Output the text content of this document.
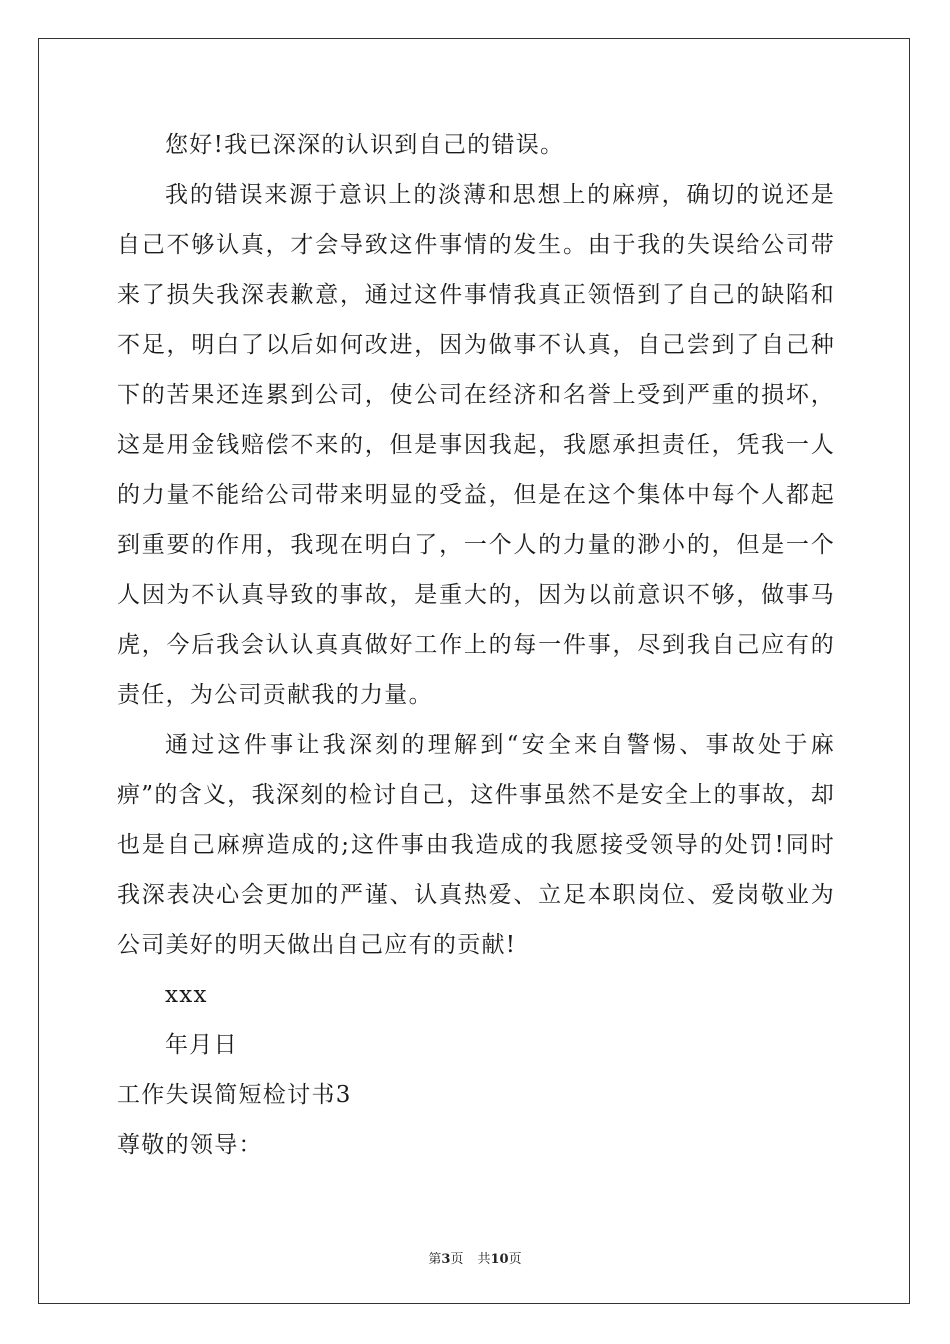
您好!我已深深的认识到自己的错误。

我的错误来源于意识上的淡薄和思想上的麻痹，确切的说还是自己不够认真，才会导致这件事情的发生。由于我的失误给公司带来了损失我深表歉意，通过这件事情我真正领悟到了自己的缺陷和不足，明白了以后如何改进，因为做事不认真，自己尝到了自己种下的苦果还连累到公司，使公司在经济和名誉上受到严重的损坏，这是用金钱赔偿不来的，但是事因我起，我愿承担责任，凭我一人的力量不能给公司带来明显的受益，但是在这个集体中每个人都起到重要的作用，我现在明白了，一个人的力量的渺小的，但是一个人因为不认真导致的事故，是重大的，因为以前意识不够，做事马虎，今后我会认认真真做好工作上的每一件事，尽到我自己应有的责任，为公司贡献我的力量。

通过这件事让我深刻的理解到“安全来自警惕、事故处于麻痹”的含义，我深刻的检讨自己，这件事虽然不是安全上的事故，却也是自己麻痹造成的;这件事由我造成的我愿接受领导的处罚!同时我深表决心会更加的严谨、认真热爱、立足本职岗位、爱岗敬业为公司美好的明天做出自己应有的贡献!

xxx

年月日

工作失误简短检讨书3

尊敬的领导：

第3页 共10页
